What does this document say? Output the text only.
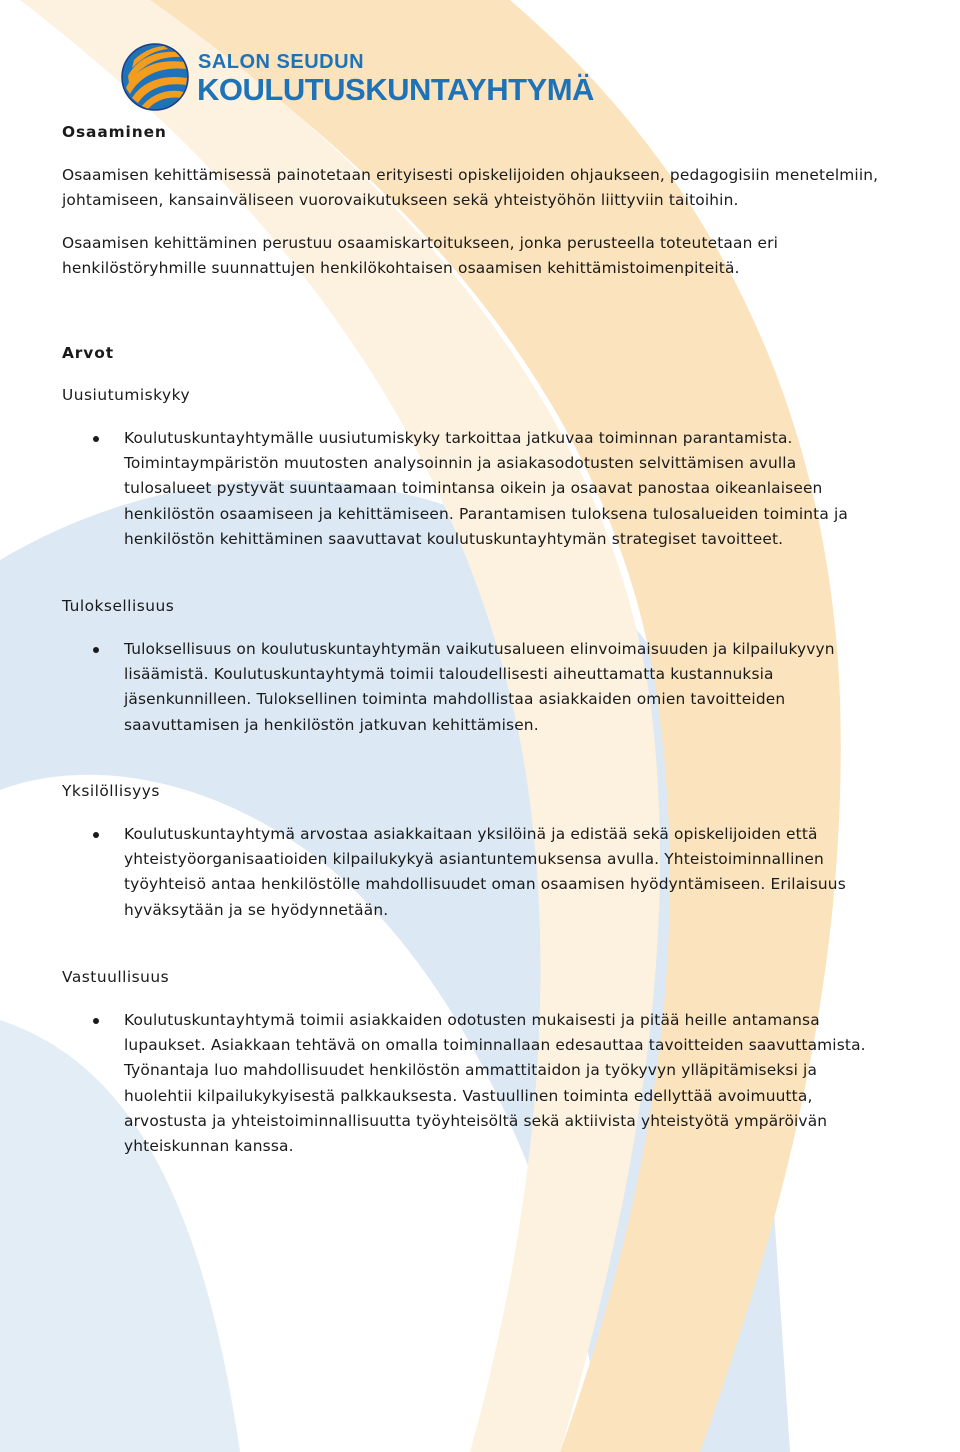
SALON SEUDUN
KOULUTUSKUNTAYHTYMÄ

Osaaminen

Osaamisen kehittämisessä painotetaan erityisesti opiskelijoiden ohjaukseen, pedagogisiin menetelmiin,
johtamiseen, kansainväliseen vuorovaikutukseen sekä yhteistyöhön liittyviin taitoihin.

Osaamisen kehittäminen perustuu osaamiskartoitukseen, jonka perusteella toteutetaan eri
henkilöstöryhmille suunnattujen henkilökohtaisen osaamisen kehittämistoimenpiteitä.

Arvot

Uusiutumiskyky

Koulutuskuntayhtymälle uusiutumiskyky tarkoittaa jatkuvaa toiminnan parantamista.
Toimintaympäristön muutosten analysoinnin ja asiakasodotusten selvittämisen avulla
tulosalueet pystyvät suuntaamaan toimintansa oikein ja osaavat panostaa oikeanlaiseen
henkilöstön osaamiseen ja kehittämiseen. Parantamisen tuloksena tulosalueiden toiminta ja
henkilöstön kehittäminen saavuttavat koulutuskuntayhtymän strategiset tavoitteet.

Tuloksellisuus

Tuloksellisuus on koulutuskuntayhtymän vaikutusalueen elinvoimaisuuden ja kilpailukyvyn
lisäämistä. Koulutuskuntayhtymä toimii taloudellisesti aiheuttamatta kustannuksia
jäsenkunnilleen. Tuloksellinen toiminta mahdollistaa asiakkaiden omien tavoitteiden
saavuttamisen ja henkilöstön jatkuvan kehittämisen.

Yksilöllisyys

Koulutuskuntayhtymä arvostaa asiakkaitaan yksilöinä ja edistää sekä opiskelijoiden että
yhteistyöorganisaatioiden kilpailukykyä asiantuntemuksensa avulla. Yhteistoiminnallinen
työyhteisö antaa henkilöstölle mahdollisuudet oman osaamisen hyödyntämiseen. Erilaisuus
hyväksytään ja se hyödynnetään.

Vastuullisuus

Koulutuskuntayhtymä toimii asiakkaiden odotusten mukaisesti ja pitää heille antamansa
lupaukset. Asiakkaan tehtävä on omalla toiminnallaan edesauttaa tavoitteiden saavuttamista.
Työnantaja luo mahdollisuudet henkilöstön ammattitaidon ja työkyvyn ylläpitämiseksi ja
huolehtii kilpailukykyisestä palkkauksesta. Vastuullinen toiminta edellyttää avoimuutta,
arvostusta ja yhteistoiminnallisuutta työyhteisöltä sekä aktiivista yhteistyötä ympäröivän
yhteiskunnan kanssa.
